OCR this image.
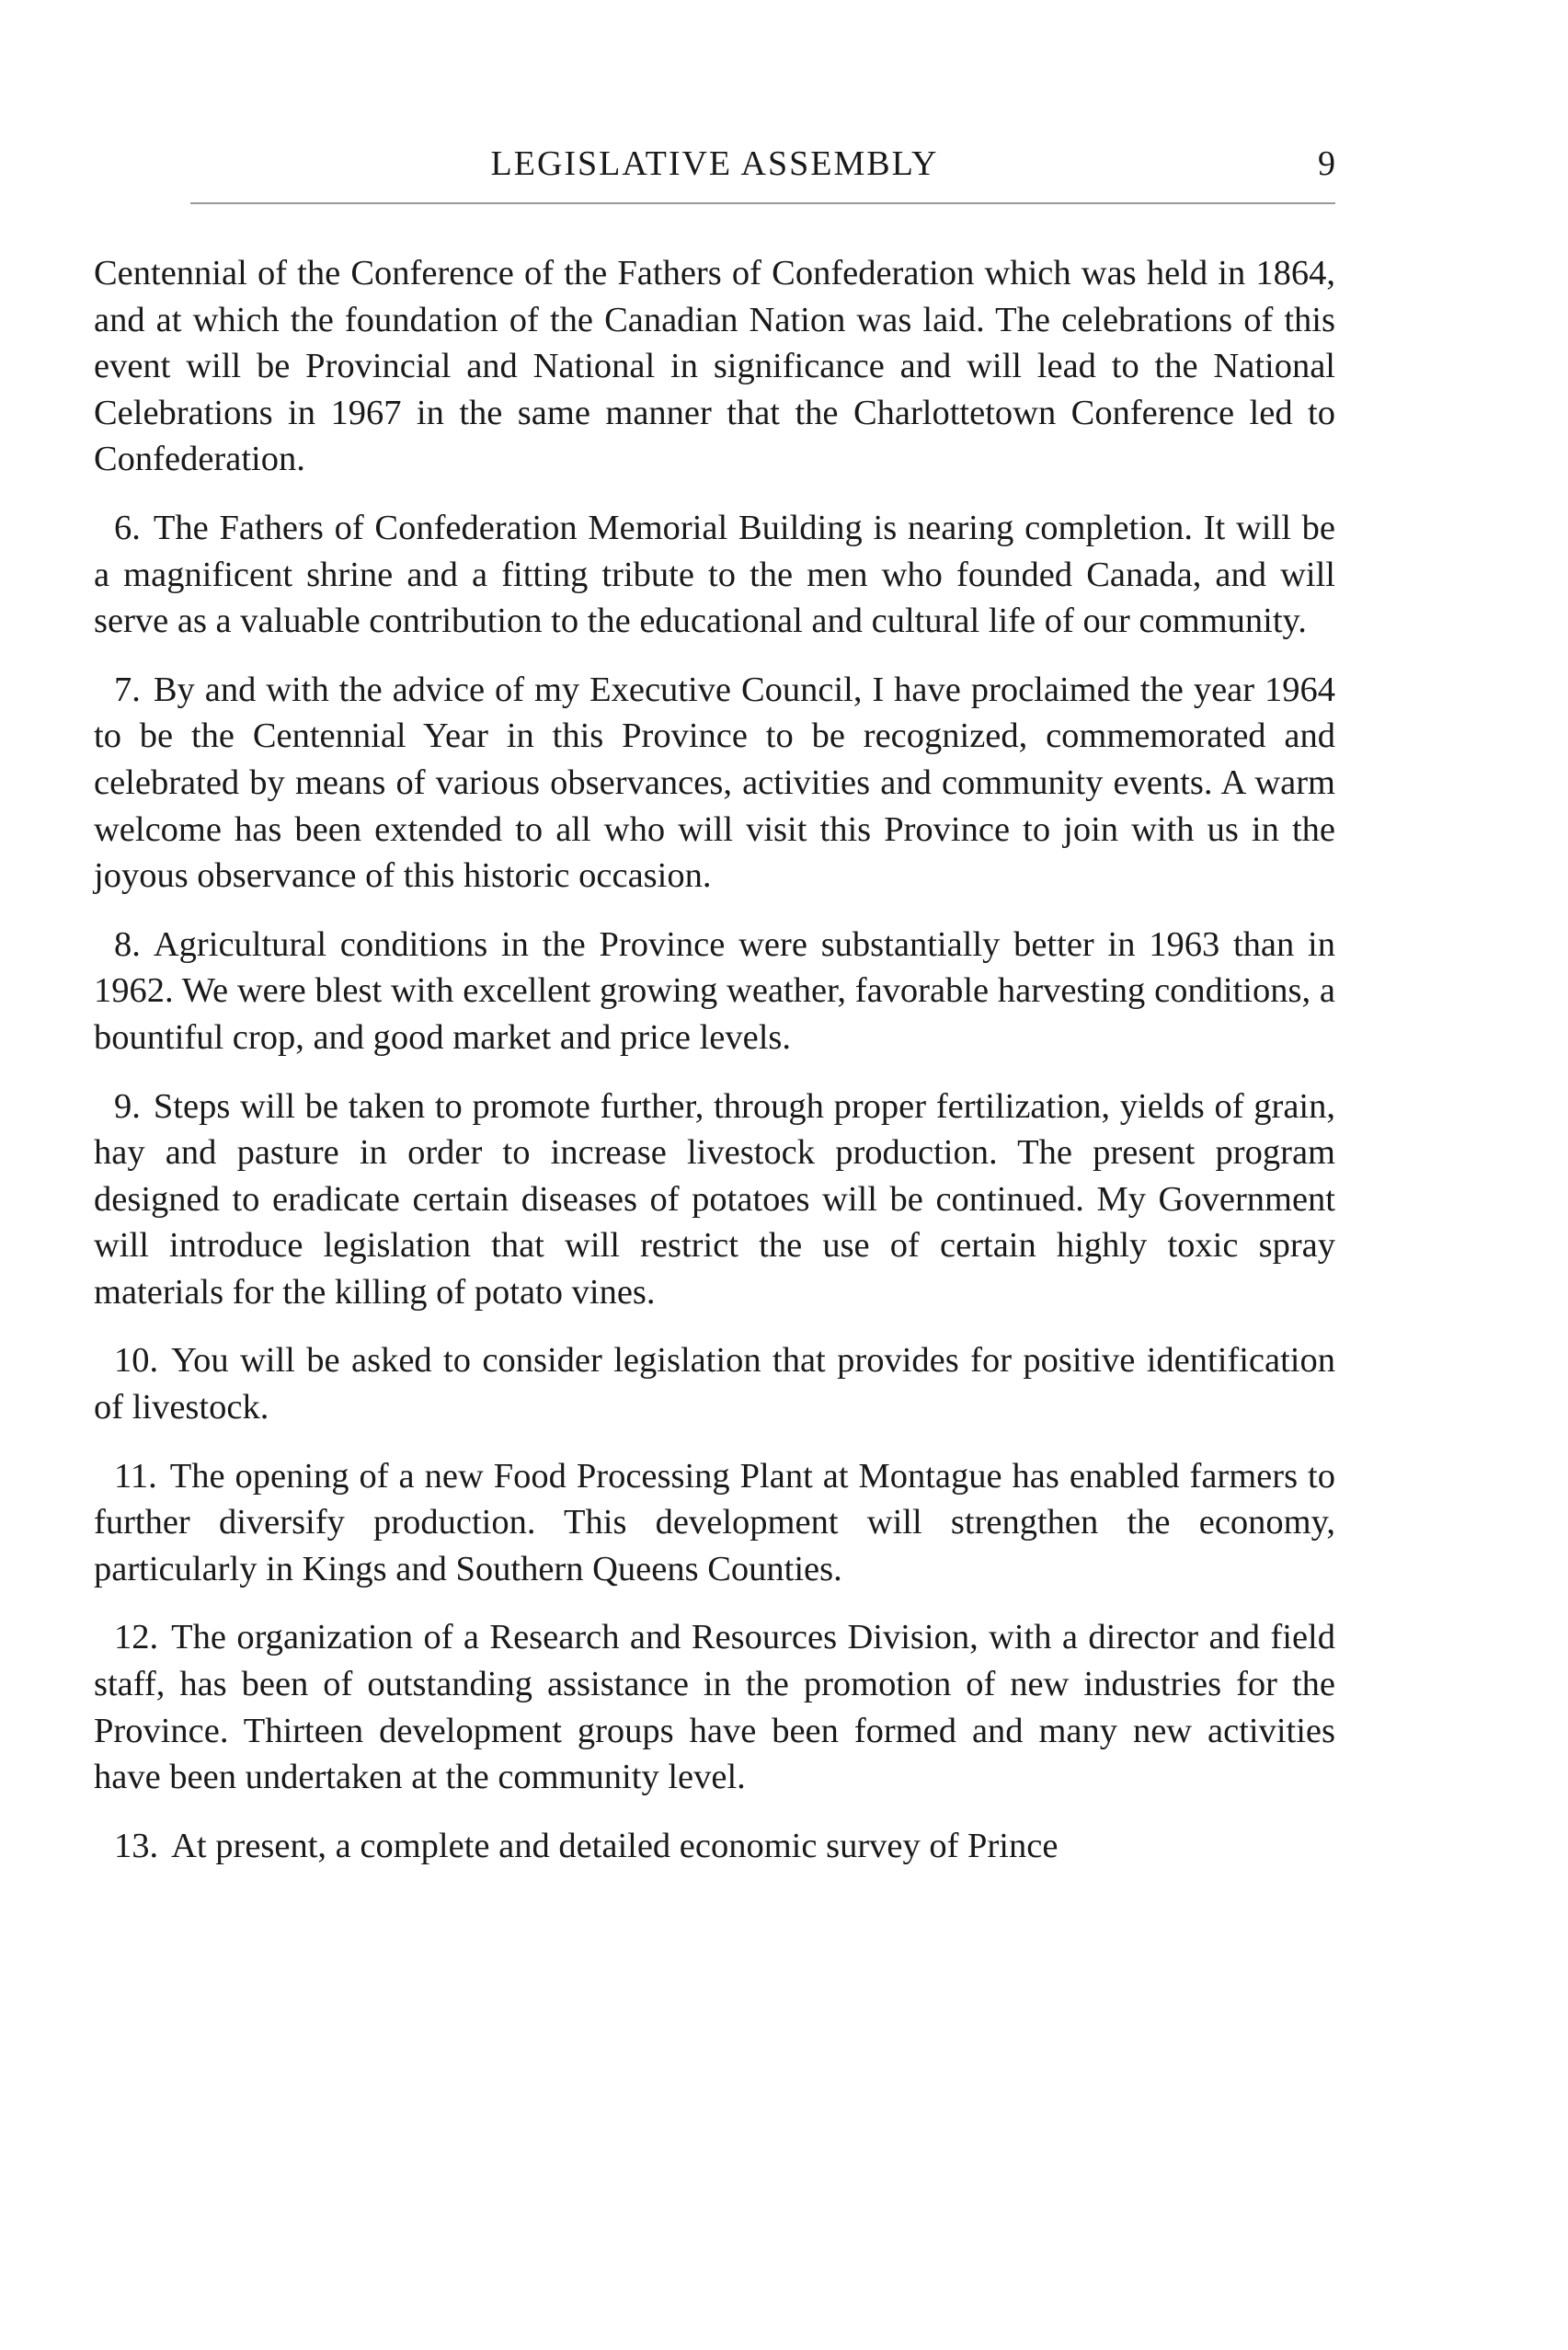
LEGISLATIVE ASSEMBLY	9

Centennial of the Conference of the Fathers of Confederation which was held in 1864, and at which the foundation of the Canadian Nation was laid. The celebrations of this event will be Provincial and National in significance and will lead to the National Celebrations in 1967 in the same manner that the Charlottetown Conference led to Confederation.

6. The Fathers of Confederation Memorial Building is nearing completion. It will be a magnificent shrine and a fitting tribute to the men who founded Canada, and will serve as a valuable contribution to the educational and cultural life of our community.

7. By and with the advice of my Executive Council, I have proclaimed the year 1964 to be the Centennial Year in this Province to be recognized, commemorated and celebrated by means of various observances, activities and community events. A warm welcome has been extended to all who will visit this Province to join with us in the joyous observance of this historic occasion.

8. Agricultural conditions in the Province were substantially better in 1963 than in 1962. We were blest with excellent growing weather, favorable harvesting conditions, a bountiful crop, and good market and price levels.

9. Steps will be taken to promote further, through proper fertilization, yields of grain, hay and pasture in order to increase livestock production. The present program designed to eradicate certain diseases of potatoes will be continued. My Government will introduce legislation that will restrict the use of certain highly toxic spray materials for the killing of potato vines.

10. You will be asked to consider legislation that provides for positive identification of livestock.

11. The opening of a new Food Processing Plant at Montague has enabled farmers to further diversify production. This development will strengthen the economy, particularly in Kings and Southern Queens Counties.

12. The organization of a Research and Resources Division, with a director and field staff, has been of outstanding assistance in the promotion of new industries for the Province. Thirteen development groups have been formed and many new activities have been undertaken at the community level.

13. At present, a complete and detailed economic survey of Prince
